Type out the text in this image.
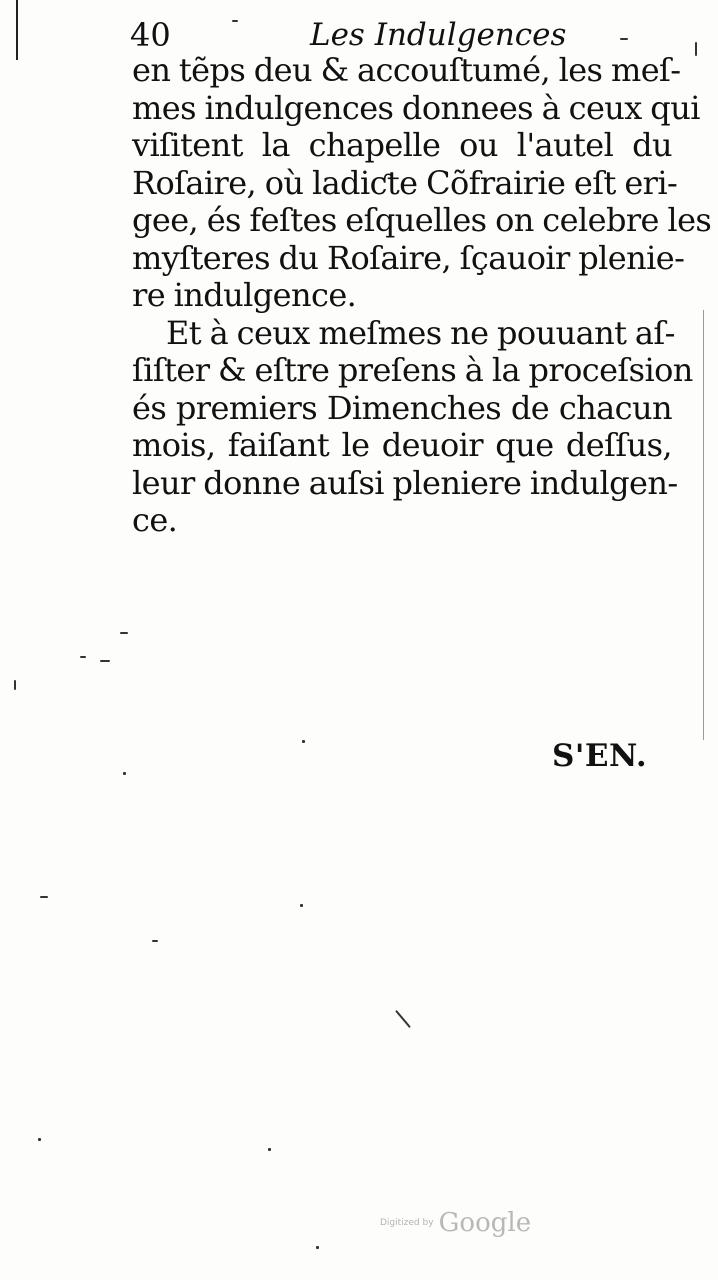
40	Les Indulgences
en tẽps deu & accouſtumé, les meſ-
mes indulgences donnees à ceux qui
viſitent la chapelle ou l'autel du
Roſaire, où ladiƈte Cõfrairie eſt eri-
gee, és feſtes eſquelles on celebre les
myſteres du Roſaire, ſçauoir plenie-
re indulgence.
Et à ceux meſmes ne pouuant aſ-
ſiſter & eſtre preſens à la proceſsion
és premiers Dimenches de chacun
mois, faiſant le deuoir que deſſus,
leur donne auſsi pleniere indulgen-
ce.
S'EN.
Digitized by Google
